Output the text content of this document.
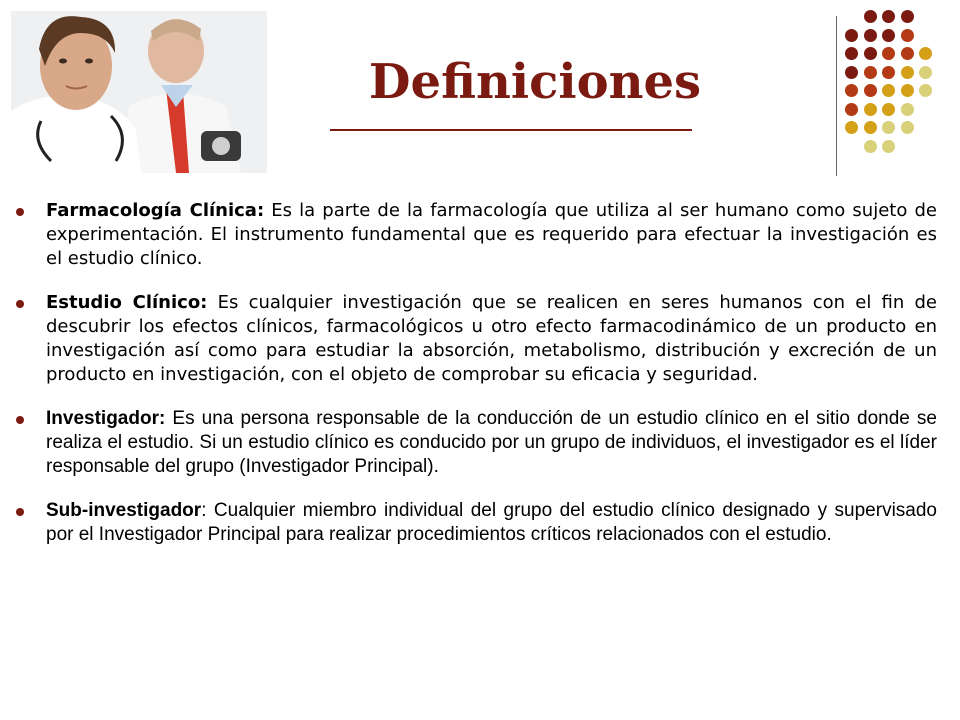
Definiciones

Farmacología Clínica: Es la parte de la farmacología que utiliza al ser humano como sujeto de experimentación. El instrumento fundamental que es requerido para efectuar la investigación es el estudio clínico.

Estudio Clínico: Es cualquier investigación que se realicen en seres humanos con el fin de descubrir los efectos clínicos, farmacológicos u otro efecto farmacodinámico de un producto en investigación así como para estudiar la absorción, metabolismo, distribución y excreción de un producto en investigación, con el objeto de comprobar su eficacia y seguridad.

Investigador: Es una persona responsable de la conducción de un estudio clínico en el sitio donde se realiza el estudio. Si un estudio clínico es conducido por un grupo de individuos, el investigador es el líder responsable del grupo (Investigador Principal).

Sub-investigador: Cualquier miembro individual del grupo del estudio clínico designado y supervisado por el Investigador Principal para realizar procedimientos críticos relacionados con el estudio.
